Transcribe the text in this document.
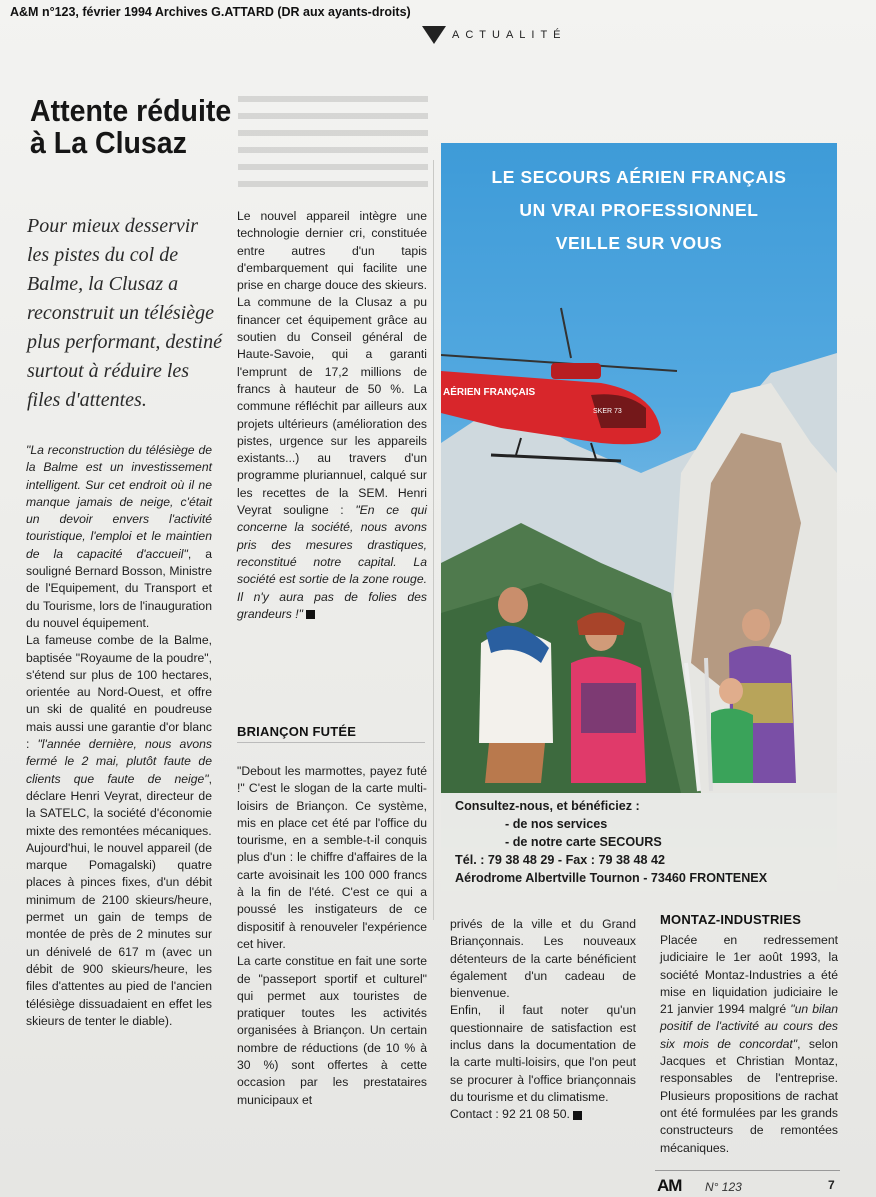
A&M n°123, février 1994 Archives G.ATTARD (DR aux ayants-droits)
ACTUALITÉ
Attente réduite
à La Clusaz

Pour mieux desservir les pistes du col de Balme, la Clusaz a reconstruit un télésiège plus performant, destiné surtout à réduire les files d'attentes.

"La reconstruction du télésiège de la Balme est un investissement intelligent. Sur cet endroit où il ne manque jamais de neige, c'était un devoir envers l'activité touristique, l'emploi et le maintien de la capacité d'accueil", a souligné Bernard Bosson, Ministre de l'Equipement, du Transport et du Tourisme, lors de l'inauguration du nouvel équipement.

La fameuse combe de la Balme, baptisée "Royaume de la poudre", s'étend sur plus de 100 hectares, orientée au Nord-Ouest, et offre un ski de qualité en poudreuse mais aussi une garantie d'or blanc : "l'année dernière, nous avons fermé le 2 mai, plutôt faute de clients que faute de neige", déclare Henri Veyrat, directeur de la SATELC, la société d'économie mixte des remontées mécaniques.

Aujourd'hui, le nouvel appareil (de marque Pomagalski) quatre places à pinces fixes, d'un débit minimum de 2100 skieurs/heure, permet un gain de temps de montée de près de 2 minutes sur un dénivelé de 617 m (avec un débit de 900 skieurs/heure, les files d'attentes au pied de l'ancien télésiège dissuadaient en effet les skieurs de tenter le diable).

Le nouvel appareil intègre une technologie dernier cri, constituée entre autres d'un tapis d'embarquement qui facilite une prise en charge douce des skieurs. La commune de la Clusaz a pu financer cet équipement grâce au soutien du Conseil général de Haute-Savoie, qui a garanti l'emprunt de 17,2 millions de francs à hauteur de 50 %. La commune réfléchit par ailleurs aux projets ultérieurs (amélioration des pistes, urgence sur les appareils existants...) au travers d'un programme pluriannuel, calqué sur les recettes de la SEM. Henri Veyrat souligne : "En ce qui concerne la société, nous avons pris des mesures drastiques, reconstitué notre capital. La société est sortie de la zone rouge. Il n'y aura pas de folies des grandeurs !"

BRIANÇON FUTÉE

"Debout les marmottes, payez futé !" C'est le slogan de la carte multi-loisirs de Briançon. Ce système, mis en place cet été par l'office du tourisme, en a semble-t-il conquis plus d'un : le chiffre d'affaires de la carte avoisinait les 100 000 francs à la fin de l'été. C'est ce qui a poussé les instigateurs de ce dispositif à renouveler l'expérience cet hiver.

La carte constitue en fait une sorte de "passeport sportif et culturel" qui permet aux touristes de pratiquer toutes les activités organisées à Briançon. Un certain nombre de réductions (de 10 % à 30 %) sont offertes à cette occasion par les prestataires municipaux et

privés de la ville et du Grand Briançonnais. Les nouveaux détenteurs de la carte bénéficient également d'un cadeau de bienvenue.

Enfin, il faut noter qu'un questionnaire de satisfaction est inclus dans la documentation de la carte multi-loisirs, que l'on peut se procurer à l'office briançonnais du tourisme et du climatisme.

Contact : 92 21 08 50.

MONTAZ-INDUSTRIES

Placée en redressement judiciaire le 1er août 1993, la société Montaz-Industries a été mise en liquidation judiciaire le 21 janvier 1994 malgré "un bilan positif de l'activité au cours des six mois de concordat", selon Jacques et Christian Montaz, responsables de l'entreprise. Plusieurs propositions de rachat ont été formulées par les grands constructeurs de remontées mécaniques.

AÉRIEN FRANÇAIS
SKER 73
LE SECOURS AÉRIEN FRANÇAIS
UN VRAI PROFESSIONNEL
VEILLE SUR VOUS
Consultez-nous, et bénéficiez :
- de nos services
- de notre carte SECOURS
Tél. : 79 38 48 29 - Fax : 79 38 48 42
Aérodrome Albertville Tournon - 73460 FRONTENEX
AM N° 123	7
